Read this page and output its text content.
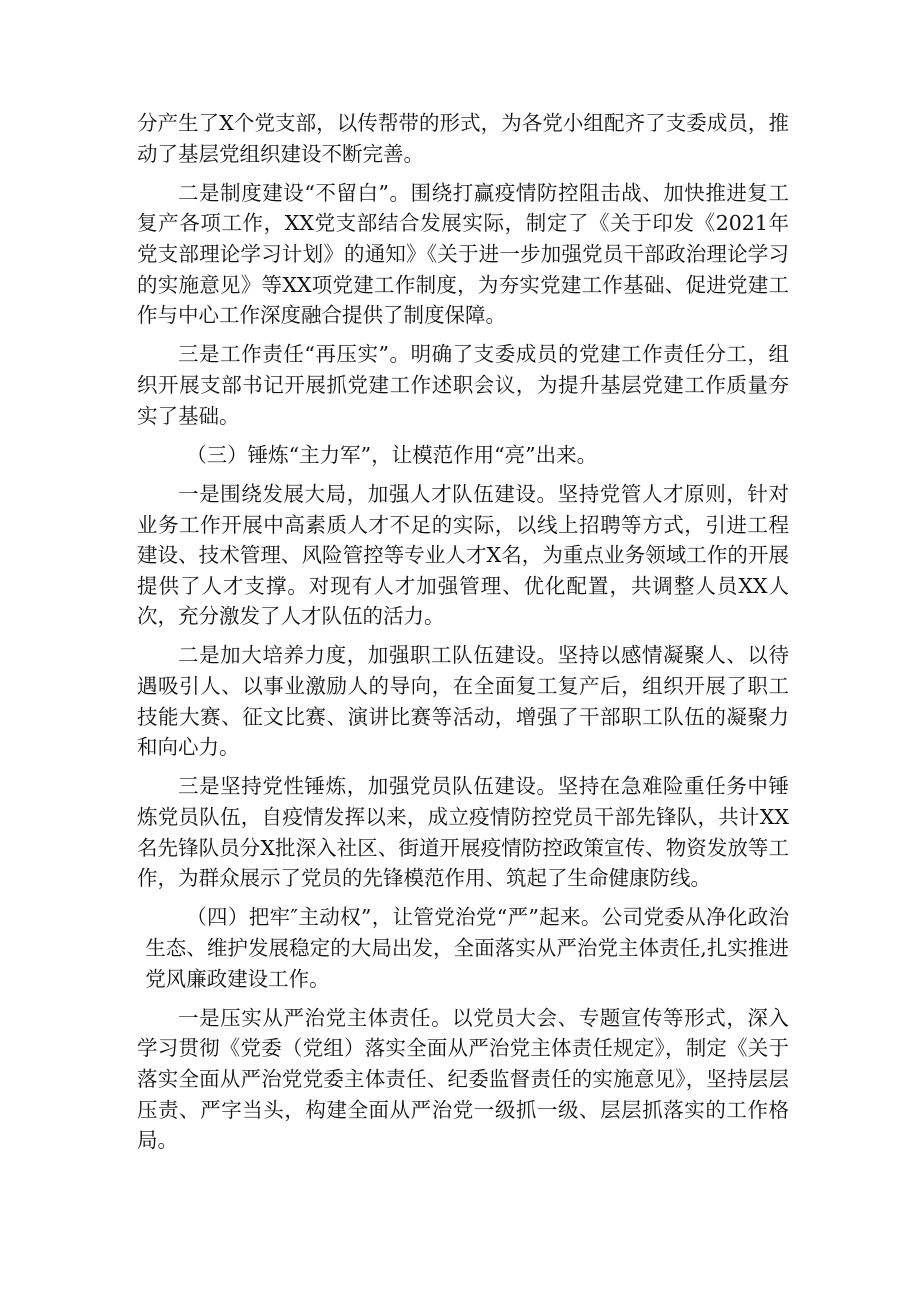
分产生了X个党支部，以传帮带的形式，为各党小组配齐了支委成员，推动了基层党组织建设不断完善。

二是制度建设“不留白”。围绕打赢疫情防控阻击战、加快推进复工复产各项工作，XX党支部结合发展实际，制定了《关于印发《2021年党支部理论学习计划》的通知》《关于进一步加强党员干部政治理论学习的实施意见》等XX项党建工作制度，为夯实党建工作基础、促进党建工作与中心工作深度融合提供了制度保障。

三是工作责任“再压实”。明确了支委成员的党建工作责任分工，组织开展支部书记开展抓党建工作述职会议，为提升基层党建工作质量夯实了基础。

（三）锤炼“主力军”，让模范作用“亮”出来。

一是围绕发展大局，加强人才队伍建设。坚持党管人才原则，针对业务工作开展中高素质人才不足的实际，以线上招聘等方式，引进工程建设、技术管理、风险管控等专业人才X名，为重点业务领域工作的开展提供了人才支撑。对现有人才加强管理、优化配置，共调整人员XX人次，充分激发了人才队伍的活力。

二是加大培养力度，加强职工队伍建设。坚持以感情凝聚人、以待遇吸引人、以事业激励人的导向，在全面复工复产后，组织开展了职工技能大赛、征文比赛、演讲比赛等活动，增强了干部职工队伍的凝聚力和向心力。

三是坚持党性锤炼，加强党员队伍建设。坚持在急难险重任务中锤炼党员队伍，自疫情发挥以来，成立疫情防控党员干部先锋队，共计XX名先锋队员分X批深入社区、街道开展疫情防控政策宣传、物资发放等工作，为群众展示了党员的先锋模范作用、筑起了生命健康防线。

（四）把牢″主动权”，让管党治党“严”起来。公司党委从净化政治生态、维护发展稳定的大局出发，全面落实从严治党主体责任,扎实推进党风廉政建设工作。

一是压实从严治党主体责任。以党员大会、专题宣传等形式，深入学习贯彻《党委（党组）落实全面从严治党主体责任规定》，制定《关于落实全面从严治党党委主体责任、纪委监督责任的实施意见》，坚持层层压责、严字当头，构建全面从严治党一级抓一级、层层抓落实的工作格局。
